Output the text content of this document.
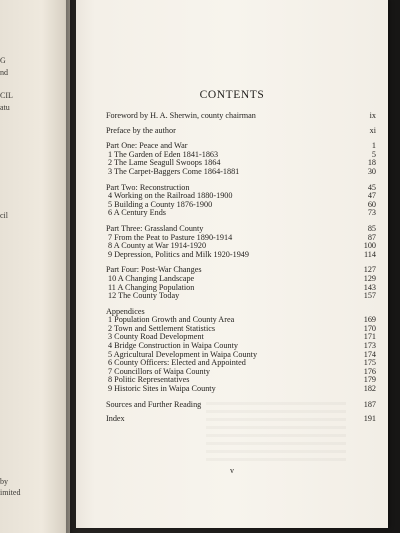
G
nd
CIL
atu
cil
by
imited
CONTENTS
Foreword by H. A. Sherwin, county chairman	ix
Preface by the author	xi
Part One: Peace and War	1
1 The Garden of Eden 1841-1863	5
2 The Lame Seagull Swoops 1864	18
3 The Carpet-Baggers Come 1864-1881	30
Part Two: Reconstruction	45
4 Working on the Railroad 1880-1900	47
5 Building a County 1876-1900	60
6 A Century Ends	73
Part Three: Grassland County	85
7 From the Peat to Pasture 1890-1914	87
8 A County at War 1914-1920	100
9 Depression, Politics and Milk 1920-1949	114
Part Four: Post-War Changes	127
10 A Changing Landscape	129
11 A Changing Population	143
12 The County Today	157
Appendices
1 Population Growth and County Area	169
2 Town and Settlement Statistics	170
3 County Road Development	171
4 Bridge Construction in Waipa County	173
5 Agricultural Development in Waipa County	174
6 County Officers: Elected and Appointed	175
7 Councillors of Waipa County	176
8 Politic Representatives	179
9 Historic Sites in Waipa County	182
Sources and Further Reading	187
Index	191
v
